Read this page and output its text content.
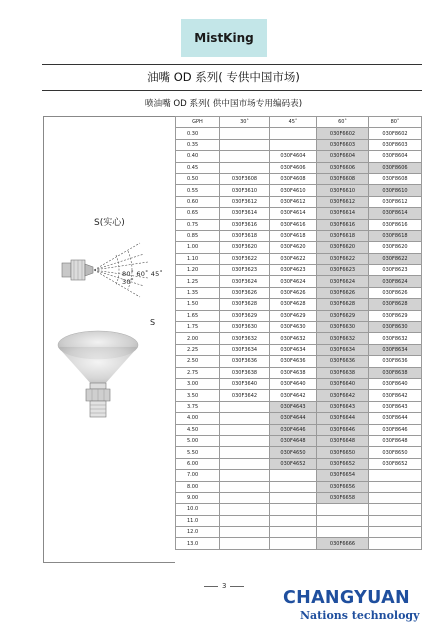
MistKing
油嘴 OD 系列( 专供中国市场)
喷油嘴 OD 系列( 供中国市场专用编码表)
S(实心)
80˚ 60˚ 45˚ 30˚
S
GPH	30˚	45˚	60˚	80˚
0.30			030F6602	030F8602
0.35			030F6603	030F8603
0.40		030F4604	030F6604	030F8604
0.45		030F4606	030F6606	030F8606
0.50	030F3608	030F4608	030F6608	030F8608
0.55	030F3610	030F4610	030F6610	030F8610
0.60	030F3612	030F4612	030F6612	030F8612
0.65	030F3614	030F4614	030F6614	030F8614
0.75	030F3616	030F4616	030F6616	030F8616
0.85	030F3618	030F4618	030F6618	030F8618
1.00	030F3620	030F4620	030F6620	030F8620
1.10	030F3622	030F4622	030F6622	030F8622
1.20	030F3623	030F4623	030F6623	030F8623
1.25	030F3624	030F4624	030F6624	030F8624
1.35	030F3626	030F4626	030F6626	030F8626
1.50	030F3628	030F4628	030F6628	030F8628
1.65	030F3629	030F4629	030F6629	030F8629
1.75	030F3630	030F4630	030F6630	030F8630
2.00	030F3632	030F4632	030F6632	030F8632
2.25	030F3634	030F4634	030F6634	030F8634
2.50	030F3636	030F4636	030F6636	030F8636
2.75	030F3638	030F4638	030F6638	030F8638
3.00	030F3640	030F4640	030F6640	030F8640
3.50	030F3642	030F4642	030F6642	030F8642
3.75		030F4643	030F6643	030F8643
4.00		030F4644	030F6644	030F8644
4.50		030F4646	030F6646	030F8646
5.00		030F4648	030F6648	030F8648
5.50		030F4650	030F6650	030F8650
6.00		030F4652	030F6652	030F8652
7.00			030F6654	
8.00			030F6656	
9.00			030F6658	
10.0				
11.0				
12.0				
13.0			030F6666	
3
CHANGYUAN
Nations technology
